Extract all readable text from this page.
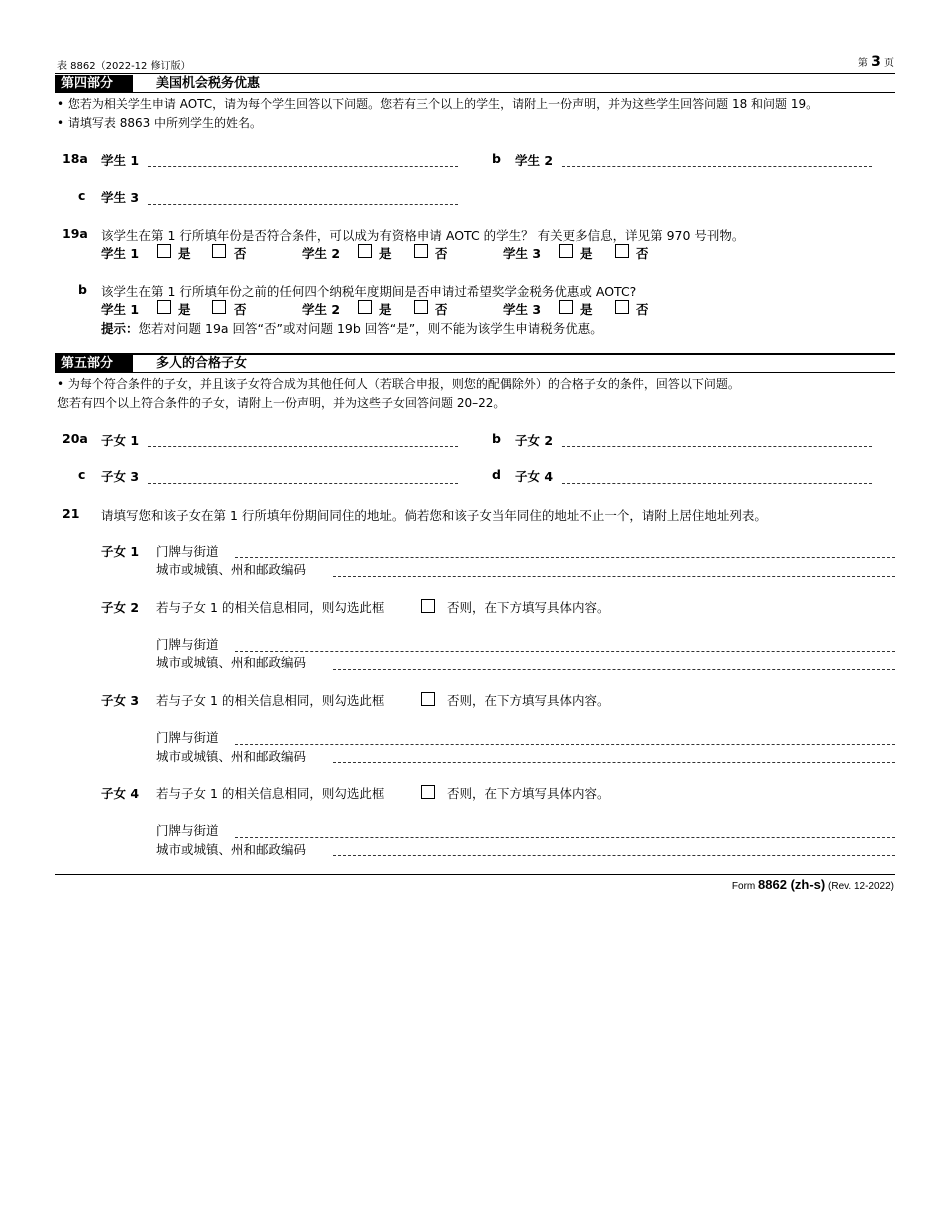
表 8862（2022-12 修订版）	第 3 页
第四部分	美国机会税务优惠
• 您若为相关学生申请 AOTC，请为每个学生回答以下问题。您若有三个以上的学生，请附上一份声明，并为这些学生回答问题 18 和问题 19。
• 请填写表 8863 中所列学生的姓名。
18a 学生 1	b 学生 2
c 学生 3
19a 该学生在第 1 行所填年份是否符合条件，可以成为有资格申请 AOTC 的学生？ 有关更多信息，详见第 970 号刊物。
学生 1	是	否	学生 2	是	否	学生 3	是	否
b 该学生在第 1 行所填年份之前的任何四个纳税年度期间是否申请过希望奖学金税务优惠或 AOTC?
学生 1	是	否	学生 2	是	否	学生 3	是	否
提示：您若对问题 19a 回答“否”或对问题 19b 回答“是”，则不能为该学生申请税务优惠。
第五部分	多人的合格子女
• 为每个符合条件的子女，并且该子女符合成为其他任何人（若联合申报，则您的配偶除外）的合格子女的条件，回答以下问题。
您若有四个以上符合条件的子女，请附上一份声明，并为这些子女回答问题 20–22。
20a 子女 1	b 子女 2
c 子女 3	d 子女 4
21 请填写您和该子女在第 1 行所填年份期间同住的地址。倘若您和该子女当年同住的地址不止一个，请附上居住地址列表。
子女 1 门牌与街道
城市或城镇、州和邮政编码
子女 2 若与子女 1 的相关信息相同，则勾选此框	否则，在下方填写具体内容。
门牌与街道
城市或城镇、州和邮政编码
子女 3 若与子女 1 的相关信息相同，则勾选此框	否则，在下方填写具体内容。
门牌与街道
城市或城镇、州和邮政编码
子女 4 若与子女 1 的相关信息相同，则勾选此框	否则，在下方填写具体内容。
门牌与街道
城市或城镇、州和邮政编码
Form 8862 (zh-s) (Rev. 12-2022)
